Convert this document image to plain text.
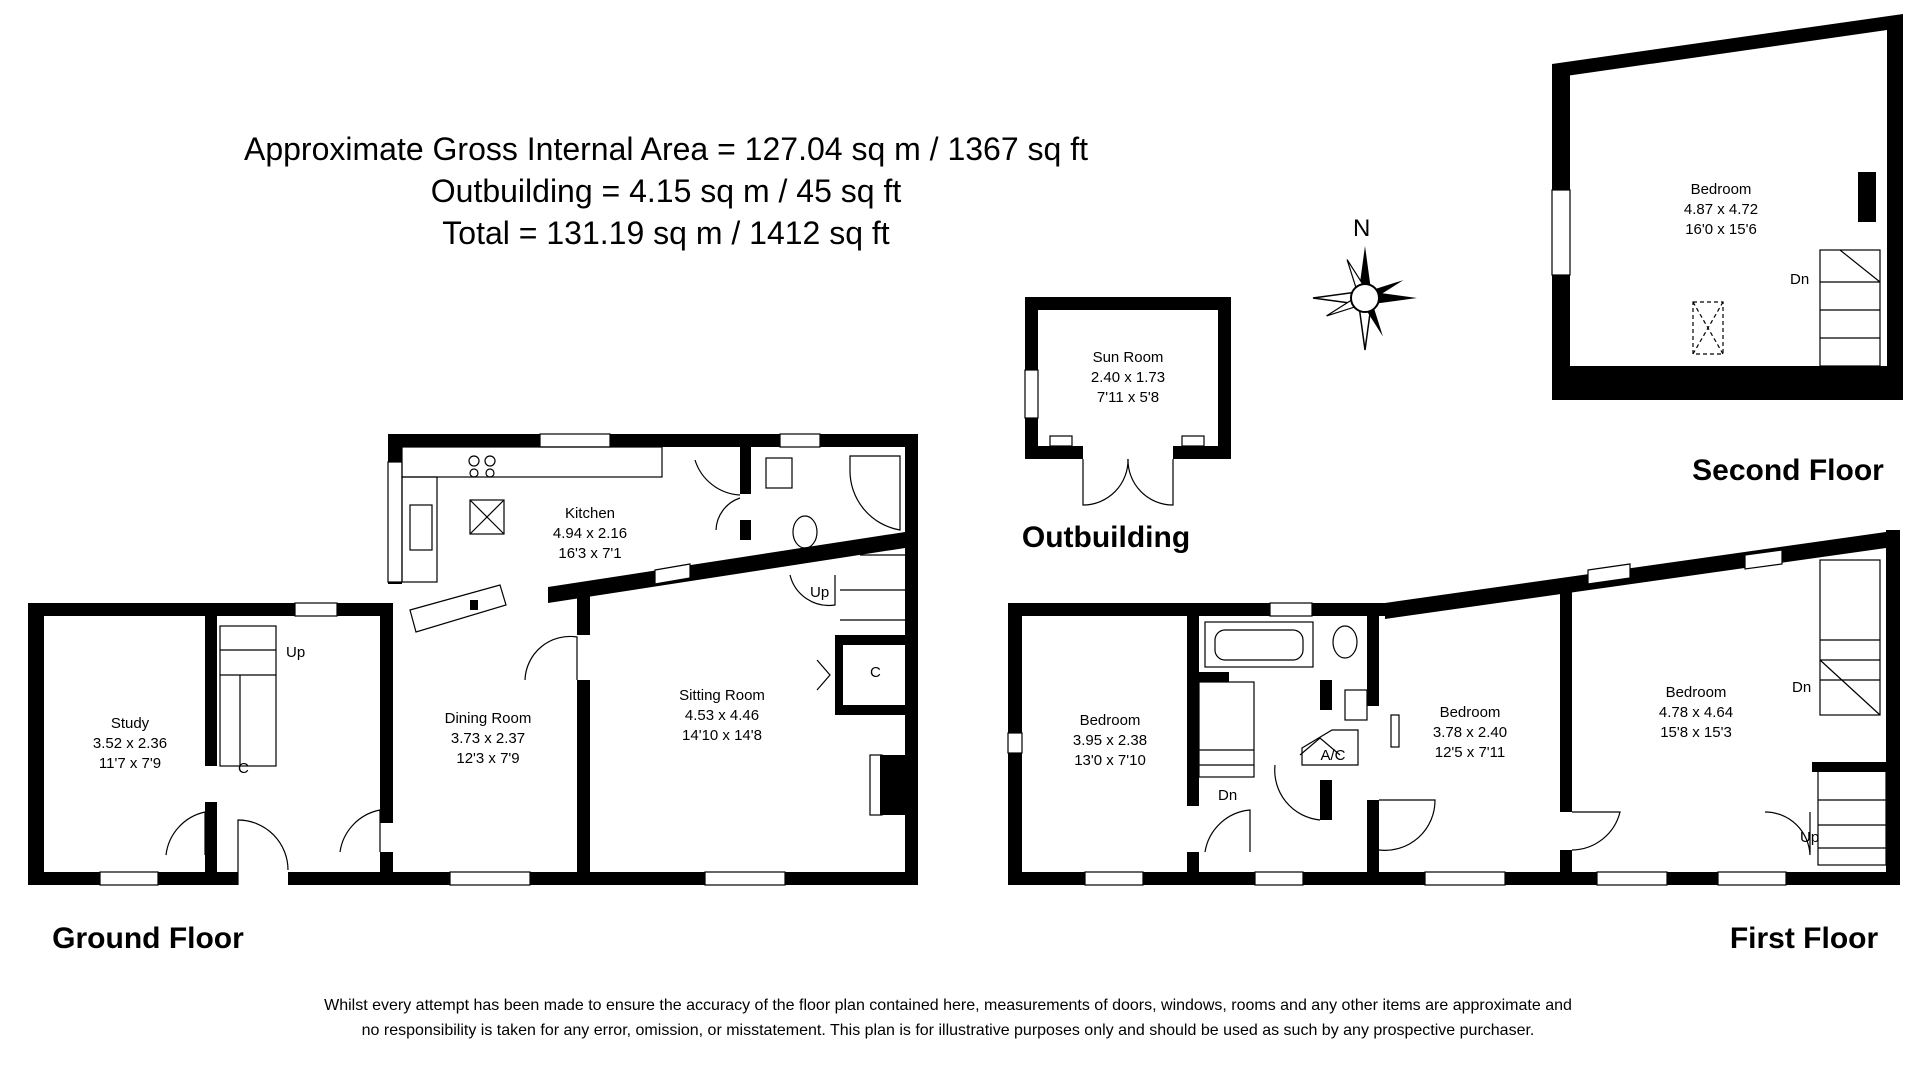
Approximate Gross Internal Area = 127.04 sq m / 1367 sq ft
Outbuilding = 4.15 sq m / 45 sq ft
Total = 131.19 sq m / 1412 sq ft	N
C
C
Up
Up
Study
3.52 x 2.36
11'7 x 7'9
Dining Room
3.73 x 2.37
12'3 x 7'9
Kitchen
4.94 x 2.16
16'3 x 7'1
Sitting Room
4.53 x 4.46
14'10 x 14'8
Ground Floor
Sun Room
2.40 x 1.73
7'11 x 5'8
Outbuilding
Dn
Bedroom
4.87 x 4.72
16'0 x 15'6
Second Floor
A/C
Dn
Dn
Up
Bedroom
3.95 x 2.38
13'0 x 7'10
Bedroom
3.78 x 2.40
12'5 x 7'11
Bedroom
4.78 x 4.64
15'8 x 15'3
First Floor
Whilst every attempt has been made to ensure the accuracy of the floor plan contained here, measurements of doors, windows, rooms and any other items are approximate and
no responsibility is taken for any error, omission, or misstatement. This plan is for illustrative purposes only and should be used as such by any prospective purchaser.
